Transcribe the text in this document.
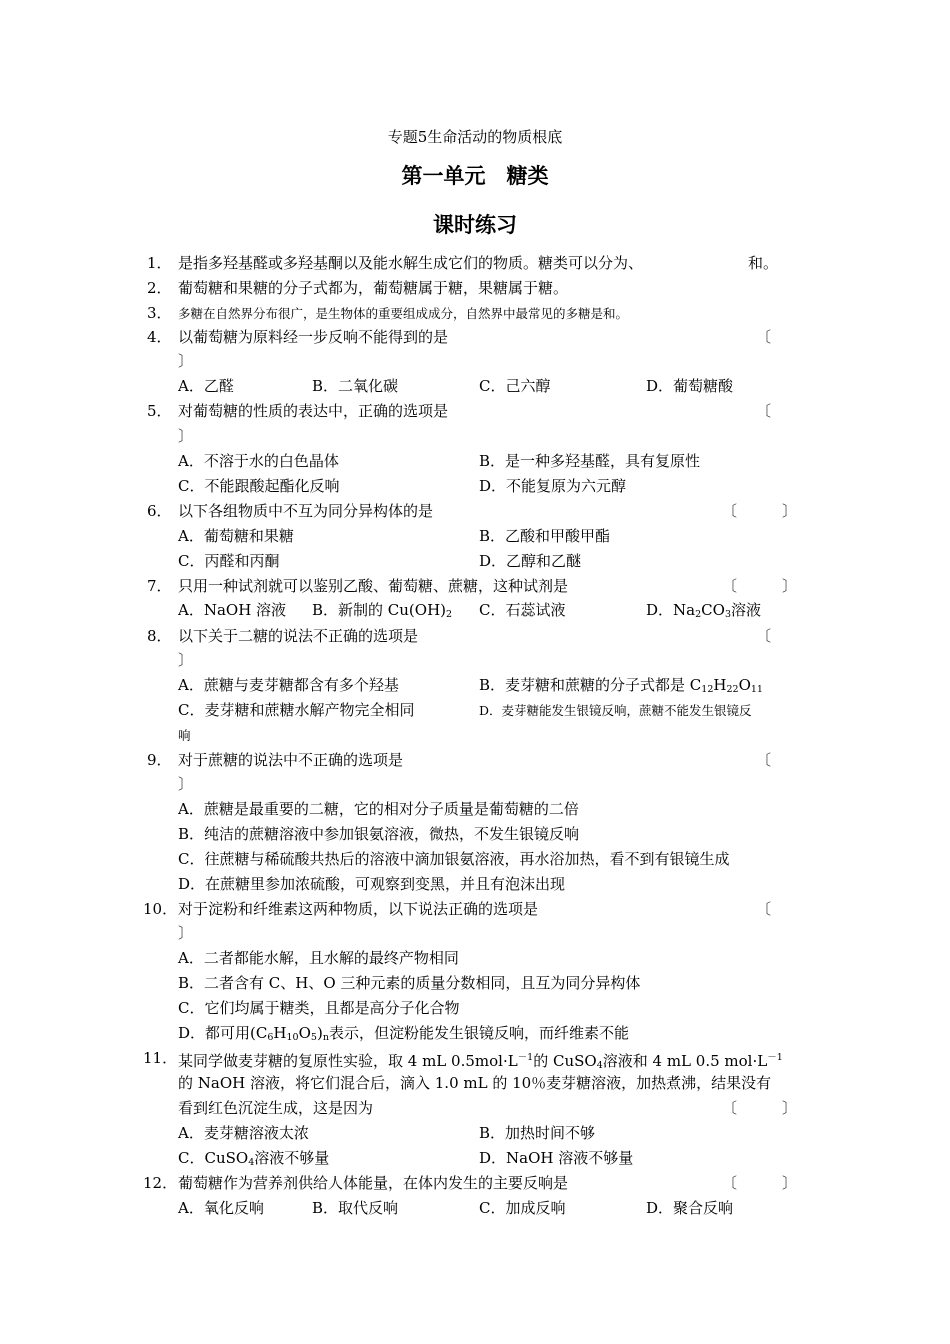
专题5生命活动的物质根底
第一单元　糖类
课时练习
1． 是指多羟基醛或多羟基酮以及能水解生成它们的物质。糖类可以分为、	和。
2． 葡萄糖和果糖的分子式都为，葡萄糖属于糖，果糖属于糖。
3． 多糖在自然界分布很广，是生物体的重要组成成分，自然界中最常见的多糖是和。
4． 以葡萄糖为原料经一步反响不能得到的是	〔
〕
A．乙醛	B．二氧化碳	C．己六醇	D．葡萄糖酸
5． 对葡萄糖的性质的表达中，正确的选项是	〔
〕
A．不溶于水的白色晶体	B．是一种多羟基醛，具有复原性
C．不能跟酸起酯化反响	D．不能复原为六元醇
6． 以下各组物质中不互为同分异构体的是	〔　　　〕
A．葡萄糖和果糖	B．乙酸和甲酸甲酯
C．丙醛和丙酮	D．乙醇和乙醚
7． 只用一种试剂就可以鉴别乙酸、葡萄糖、蔗糖，这种试剂是	〔　　　〕
A．NaOH 溶液 B．新制的 $Cu(OH)_2$ C．石蕊试液	D．$Na_2CO_3$溶液
8． 以下关于二糖的说法不正确的选项是	〔
〕
A．蔗糖与麦芽糖都含有多个羟基	B．麦芽糖和蔗糖的分子式都是 $C_{12}H_{22}O_{11}$
C．麦芽糖和蔗糖水解产物完全相同	D．麦芽糖能发生银镜反响，蔗糖不能发生银镜反
响
9． 对于蔗糖的说法中不正确的选项是	〔
〕
A．蔗糖是最重要的二糖，它的相对分子质量是葡萄糖的二倍
B．纯洁的蔗糖溶液中参加银氨溶液，微热，不发生银镜反响
C．往蔗糖与稀硫酸共热后的溶液中滴加银氨溶液，再水浴加热，看不到有银镜生成
D．在蔗糖里参加浓硫酸，可观察到变黑，并且有泡沫出现
10． 对于淀粉和纤维素这两种物质，以下说法正确的选项是	〔
〕
A．二者都能水解，且水解的最终产物相同
B．二者含有 C、H、O 三种元素的质量分数相同，且互为同分异构体
C．它们均属于糖类，且都是高分子化合物
D．都可用$(C_6H_{10}O_5)_n$表示，但淀粉能发生银镜反响，而纤维素不能
11． 某同学做麦芽糖的复原性实验，取 4 mL $0.5mol\cdot L^{-1}$的 CuSO$_4$溶液和 4 mL 0.5 $mol\cdot L^{-1}$
的 NaOH 溶液，将它们混合后，滴入 1.0 mL 的 10％麦芽糖溶液，加热煮沸，结果没有
看到红色沉淀生成，这是因为	〔　　　〕
A．麦芽糖溶液太浓	B．加热时间不够
C．CuSO$_4$溶液不够量	D．NaOH 溶液不够量
12． 葡萄糖作为营养剂供给人体能量，在体内发生的主要反响是	〔　　　〕
A．氧化反响	B．取代反响	C．加成反响	D．聚合反响
